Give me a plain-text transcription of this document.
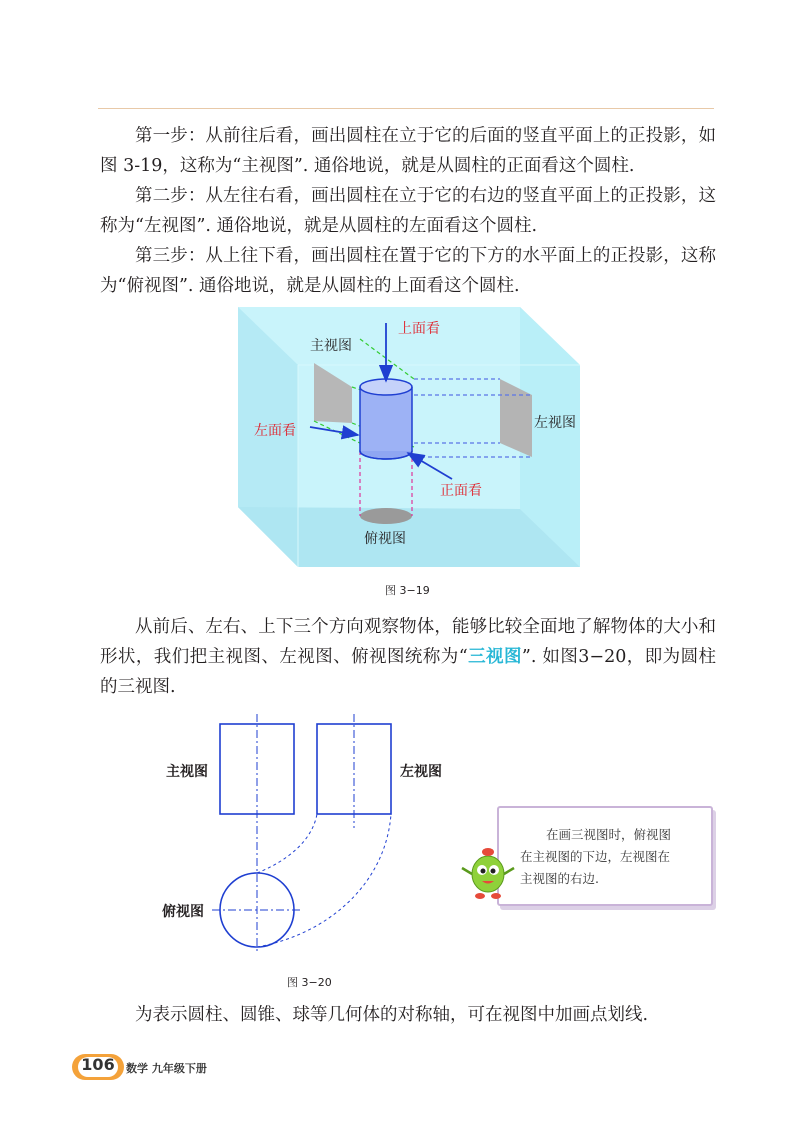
第一步：从前往后看，画出圆柱在立于它的后面的竖直平面上的正投影，如图 3-19，这称为“主视图”. 通俗地说，就是从圆柱的正面看这个圆柱.

第二步：从左往右看，画出圆柱在立于它的右边的竖直平面上的正投影，这称为“左视图”. 通俗地说，就是从圆柱的左面看这个圆柱.

第三步：从上往下看，画出圆柱在置于它的下方的水平面上的正投影，这称为“俯视图”. 通俗地说，就是从圆柱的上面看这个圆柱.

上面看
左面看
正面看
主视图
左视图
俯视图
图 3−19

从前后、左右、上下三个方向观察物体，能够比较全面地了解物体的大小和形状，我们把主视图、左视图、俯视图统称为“三视图”. 如图3−20，即为圆柱的三视图.

主视图	左视图
俯视图
图 3−20
在画三视图时，俯视图
在主视图的下边，左视图在
主视图的右边.

为表示圆柱、圆锥、球等几何体的对称轴，可在视图中加画点划线.

106 数学 九年级下册
